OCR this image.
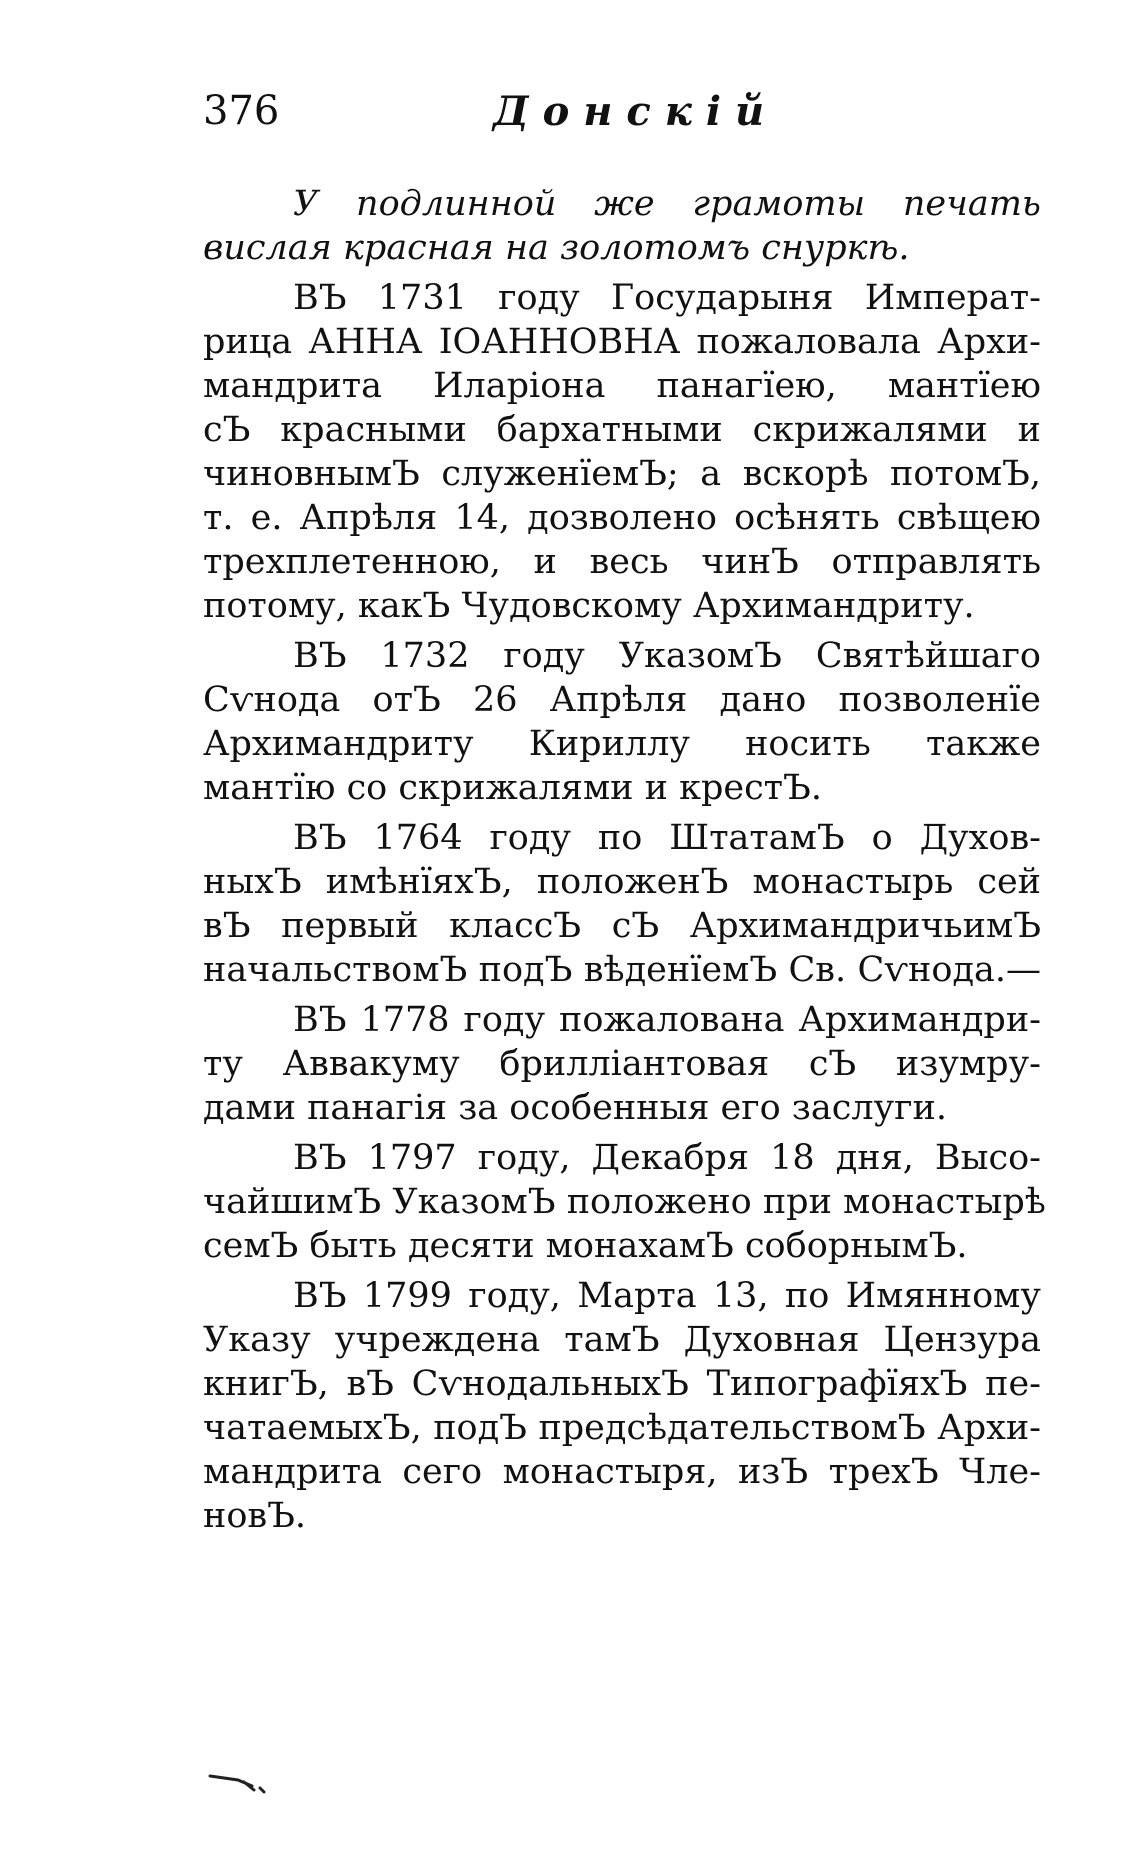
376	Донскій
У подлинной же грамоты печать
вислая красная на золотомъ снуркѣ.
ВЪ 1731 году Государыня Императ-
рица АННА ІОАННОВНА пожаловала Архи-
мандрита Иларіона панагїею, мантїею
сЪ красными бархатными скрижалями и
чиновнымЪ служенїемЪ; а вскорѣ потомЪ,
т. е. Апрѣля 14, дозволено осѣнять свѣщею
трехплетенною, и весь чинЪ отправлять
потому, какЪ Чудовскому Архимандриту.
ВЪ 1732 году УказомЪ Святѣйшаго
Сѵнода отЪ 26 Апрѣля дано позволенїе
Архимандриту Кириллу носить также
мантїю со скрижалями и крестЪ.
ВЪ 1764 году по ШтатамЪ о Духов-
ныхЪ имѣнїяхЪ, положенЪ монастырь сей
вЪ первый классЪ сЪ АрхимандричьимЪ
начальствомЪ подЪ вѣденїемЪ Св. Сѵнода.—
ВЪ 1778 году пожалована Архимандри-
ту Аввакуму брилліантовая сЪ изумру-
дами панагія за особенныя его заслуги.
ВЪ 1797 году, Декабря 18 дня, Высо-
чайшимЪ УказомЪ положено при монастырѣ
семЪ быть десяти монахамЪ соборнымЪ.
ВЪ 1799 году, Марта 13, по Имянному
Указу учреждена тамЪ Духовная Цензура
книгЪ, вЪ СѵнодальныхЪ ТипографїяхЪ пе-
чатаемыхЪ, подЪ предсѣдательствомЪ Архи-
мандрита сего монастыря, изЪ трехЪ Чле-
новЪ.
